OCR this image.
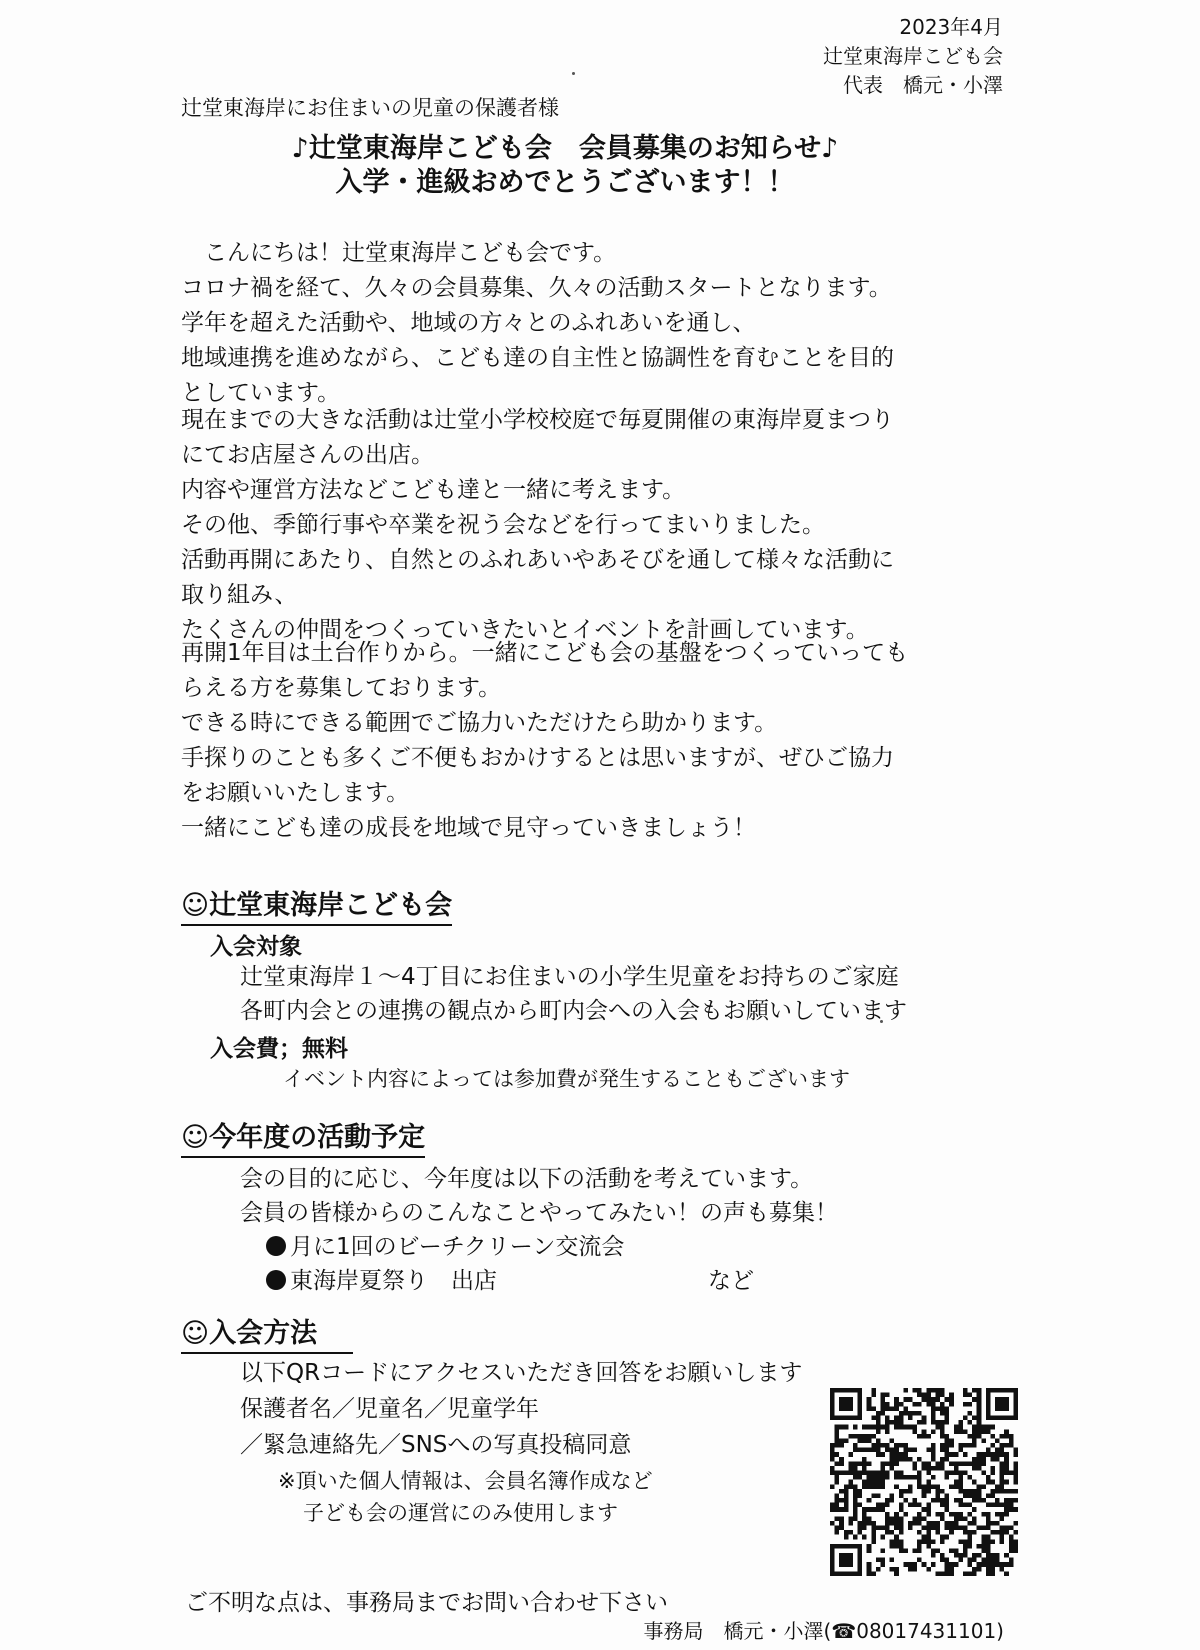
2023年4月
辻堂東海岸こども会
代表　橋元・小澤
辻堂東海岸にお住まいの児童の保護者様
♪辻堂東海岸こども会　会員募集のお知らせ♪
入学・進級おめでとうございます！！
　こんにちは！辻堂東海岸こども会です。
コロナ禍を経て、久々の会員募集、久々の活動スタートとなります。
学年を超えた活動や、地域の方々とのふれあいを通し、
地域連携を進めながら、こども達の自主性と協調性を育むことを目的
としています。
現在までの大きな活動は辻堂小学校校庭で毎夏開催の東海岸夏まつり
にてお店屋さんの出店。
内容や運営方法などこども達と一緒に考えます。
その他、季節行事や卒業を祝う会などを行ってまいりました。
活動再開にあたり、自然とのふれあいやあそびを通して様々な活動に
取り組み、
たくさんの仲間をつくっていきたいとイベントを計画しています。
再開1年目は土台作りから。一緒にこども会の基盤をつくっていっても
らえる方を募集しております。
できる時にできる範囲でご協力いただけたら助かります。
手探りのことも多くご不便もおかけするとは思いますが、ぜひご協力
をお願いいたします。
一緒にこども達の成長を地域で見守っていきましょう！
☺辻堂東海岸こども会
入会対象
辻堂東海岸１～4丁目にお住まいの小学生児童をお持ちのご家庭
各町内会との連携の観点から町内会への入会もお願いしています
入会費；無料
イベント内容によっては参加費が発生することもございます
☺今年度の活動予定
会の目的に応じ、今年度は以下の活動を考えています。
会員の皆様からのこんなことやってみたい！の声も募集！
月に1回のビーチクリーン交流会
東海岸夏祭り　出店	など
☺入会方法
以下QRコードにアクセスいただき回答をお願いします
保護者名／児童名／児童学年
／緊急連絡先／SNSへの写真投稿同意
※頂いた個人情報は、会員名簿作成など
子ども会の運営にのみ使用します
ご不明な点は、事務局までお問い合わせ下さい
事務局　橋元・小澤(☎08017431101)
